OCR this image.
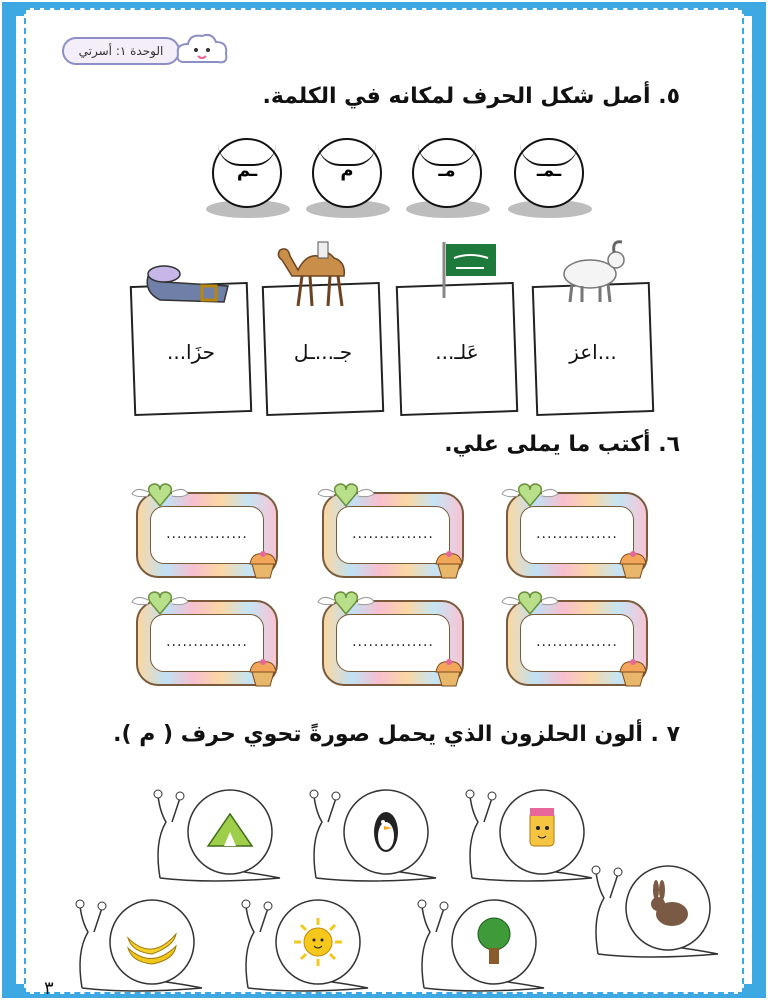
الوحدة ١: أسرتي
٥. أصل شكل الحرف لمكانه في الكلمة.
ـمـ
مـ
م
ـم
...اعز
عَلـ...
جـ...ـل
حزَا...
٦. أكتب ما يملى علي.
...............
...............
...............
...............
...............
...............
٧ . ألون الحلزون الذي يحمل صورةً تحوي حرف ( م ).
٣
